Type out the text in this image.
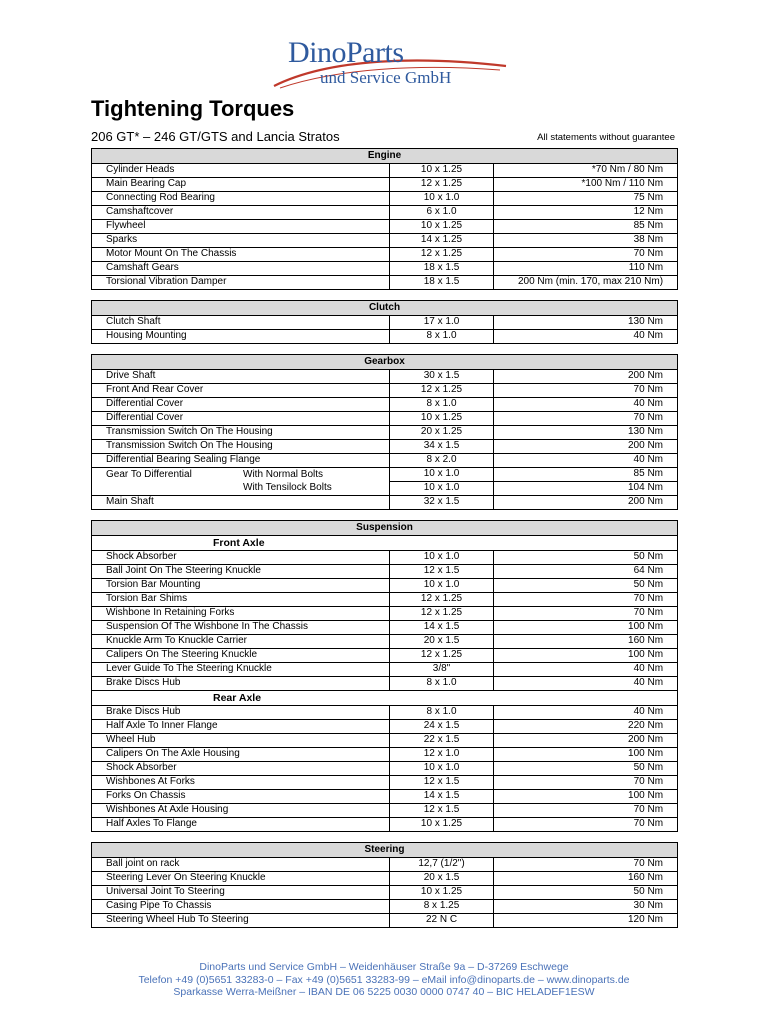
DinoParts
und Service GmbH
Tightening Torques
206 GT* – 246 GT/GTS and Lancia Stratos	All statements without guarantee
Engine		
Cylinder Heads	10 x 1.25	*70 Nm / 80 Nm
Main Bearing Cap	12 x 1.25	*100 Nm / 110 Nm
Connecting Rod Bearing	10 x 1.0	75 Nm
Camshaftcover	6 x 1.0	12 Nm
Flywheel	10 x 1.25	85 Nm
Sparks	14 x 1.25	38 Nm
Motor Mount On The Chassis	12 x 1.25	70 Nm
Camshaft Gears	18 x 1.5	110 Nm
Torsional Vibration Damper	18 x 1.5	200 Nm (min. 170, max 210 Nm)
Clutch		
Clutch Shaft	17 x 1.0	130 Nm
Housing Mounting	8 x 1.0	40 Nm
Gearbox		
Drive Shaft	30 x 1.5	200 Nm
Front And Rear Cover	12 x 1.25	70 Nm
Differential Cover	8 x 1.0	40 Nm
Differential Cover	10 x 1.25	70 Nm
Transmission Switch On The Housing	20 x 1.25	130 Nm
Transmission Switch On The Housing	34 x 1.5	200 Nm
Differential Bearing Sealing Flange	8 x 2.0	40 Nm

Gear To Differential With Normal Bolts	10 x 1.0	85 Nm

With Tensilock Bolts	10 x 1.0	104 Nm
Main Shaft	32 x 1.5	200 Nm
Suspension		
Front Axle		
Shock Absorber	10 x 1.0	50 Nm
Ball Joint On The Steering Knuckle	12 x 1.5	64 Nm
Torsion Bar Mounting	10 x 1.0	50 Nm
Torsion Bar Shims	12 x 1.25	70 Nm
Wishbone In Retaining Forks	12 x 1.25	70 Nm
Suspension Of The Wishbone In The Chassis	14 x 1.5	100 Nm
Knuckle Arm To Knuckle Carrier	20 x 1.5	160 Nm
Calipers On The Steering Knuckle	12 x 1.25	100 Nm
Lever Guide To The Steering Knuckle	3/8"	40 Nm
Brake Discs Hub	8 x 1.0	40 Nm
Rear Axle		
Brake Discs Hub	8 x 1.0	40 Nm
Half Axle To Inner Flange	24 x 1.5	220 Nm
Wheel Hub	22 x 1.5	200 Nm
Calipers On The Axle Housing	12 x 1.0	100 Nm
Shock Absorber	10 x 1.0	50 Nm
Wishbones At Forks	12 x 1.5	70 Nm
Forks On Chassis	14 x 1.5	100 Nm
Wishbones At Axle Housing	12 x 1.5	70 Nm
Half Axles To Flange	10 x 1.25	70 Nm
Steering		
Ball joint on rack	12,7 (1/2")	70 Nm
Steering Lever On Steering Knuckle	20 x 1.5	160 Nm
Universal Joint To Steering	10 x 1.25	50 Nm
Casing Pipe To Chassis	8 x 1.25	30 Nm
Steering Wheel Hub To Steering	22 N C	120 Nm
DinoParts und Service GmbH – Weidenhäuser Straße 9a – D-37269 Eschwege
Telefon +49 (0)5651 33283-0 – Fax +49 (0)5651 33283-99 – eMail info@dinoparts.de – www.dinoparts.de
Sparkasse Werra-Meißner – IBAN DE 06 5225 0030 0000 0747 40 – BIC HELADEF1ESW
